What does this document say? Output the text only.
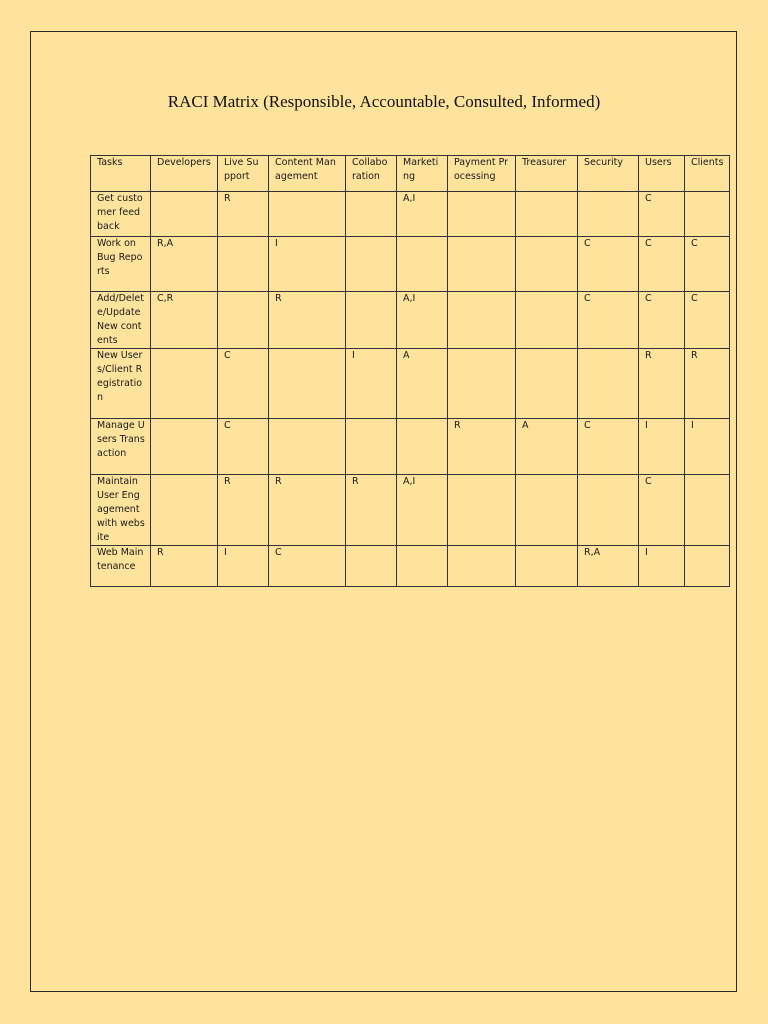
RACI Matrix (Responsible, Accountable, Consulted, Informed)
Tasks	Developers	Live Support	Content Management	Collabo ration	Marketi ng	Payment Processing	Treasurer	Security	Users	Clients
Get customer feedback		R			A,I				C	
Work on Bug Reports	R,A		I					C	C	C
Add/Delete/Update New contents	C,R		R		A,I			C	C	C
New Users/Client Registration		C		I	A				R	R
Manage Users Transaction		C				R	A	C	I	I
Maintain User Engagement with website		R	R	R	A,I				C	
Web Maintenance	R	I	C					R,A	I	
